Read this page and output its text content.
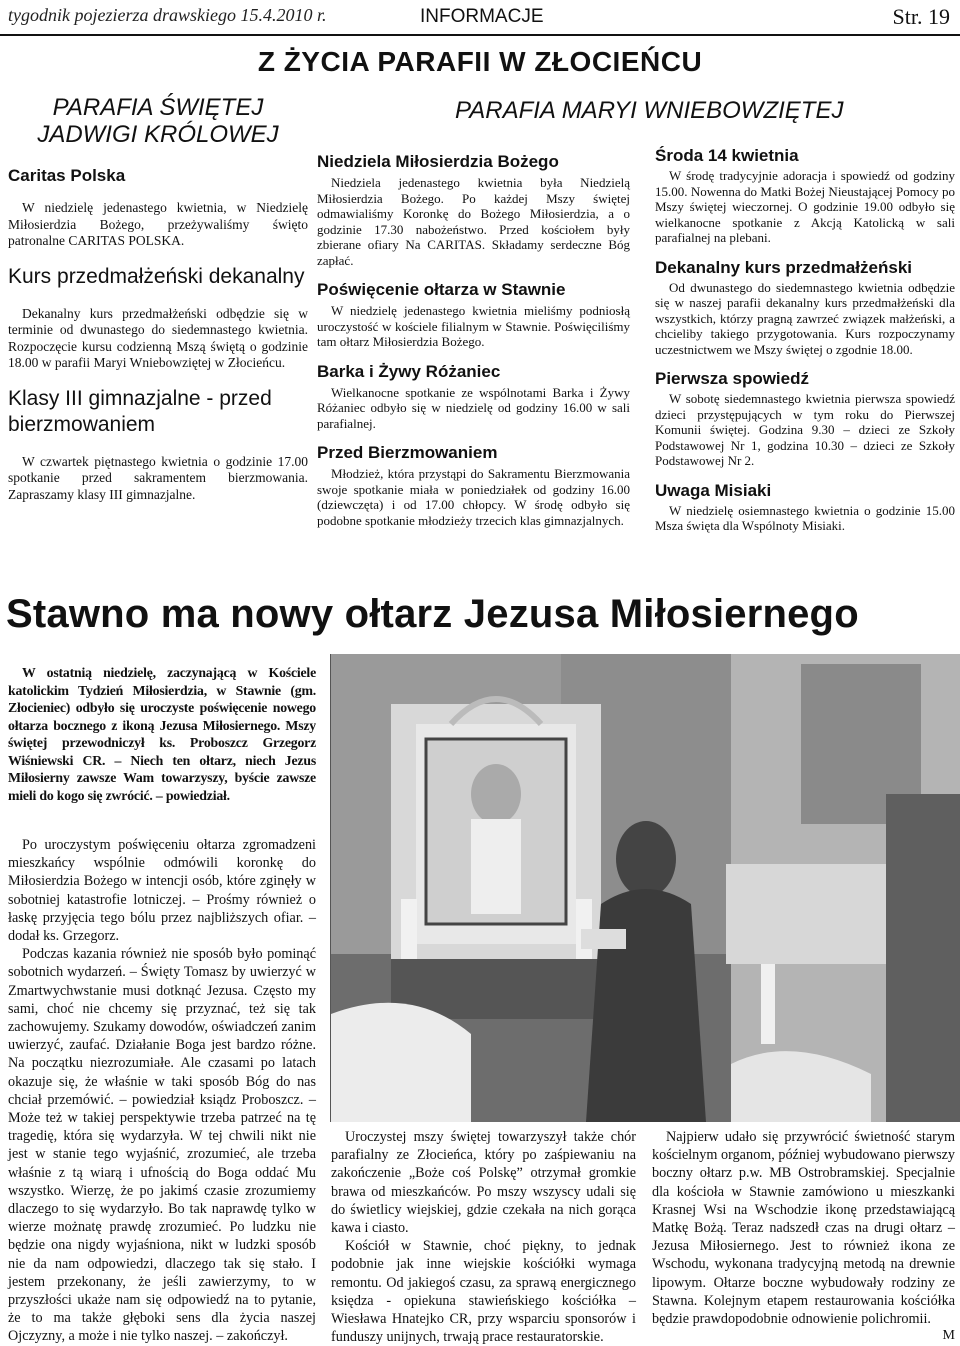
tygodnik pojezierza drawskiego 15.4.2010 r.	INFORMACJE	Str. 19
Z ŻYCIA PARAFII W ZŁOCIEŃCU
PARAFIA ŚWIĘTEJ JADWIGI KRÓLOWEJ
Caritas Polska

W niedzielę jedenastego kwietnia, w Niedzielę Miłosierdzia Bożego, przeżywaliśmy święto patronalne CARITAS POLSKA.

Kurs przedmałżeński dekanalny

Dekanalny kurs przedmałżeński odbędzie się w terminie od dwunastego do siedemnastego kwietnia. Rozpoczęcie kursu codzienną Mszą świętą o godzinie 18.00 w parafii Maryi Wniebowziętej w Złocieńcu.

Klasy III gimnazjalne - przed bierzmowaniem

W czwartek piętnastego kwietnia o godzinie 17.00 spotkanie przed sakramentem bierzmowania. Zapraszamy klasy III gimnazjalne.

PARAFIA MARYI WNIEBOWZIĘTEJ
Niedziela Miłosierdzia Bożego

Niedziela jedenastego kwietnia była Niedzielą Miłosierdzia Bożego. Po każdej Mszy świętej odmawialiśmy Koronkę do Bożego Miłosierdzia, a o godzinie 17.30 nabożeństwo. Przed kościołem były zbierane ofiary Na CARITAS. Składamy serdeczne Bóg zapłać.

Poświęcenie ołtarza w Stawnie

W niedzielę jedenastego kwietnia mieliśmy podniosłą uroczystość w kościele filialnym w Stawnie. Poświęciliśmy tam ołtarz Miłosierdzia Bożego.

Barka i Żywy Różaniec

Wielkanocne spotkanie ze wspólnotami Barka i Żywy Różaniec odbyło się w niedzielę od godziny 16.00 w sali parafialnej.

Przed Bierzmowaniem

Młodzież, która przystąpi do Sakramentu Bierzmowania swoje spotkanie miała w poniedziałek od godziny 16.00 (dziewczęta) i od 17.00 chłopcy. W środę odbyło się podobne spotkanie młodzieży trzecich klas gimnazjalnych.

Środa 14 kwietnia

W środę tradycyjnie adoracja i spowiedź od godziny 15.00. Nowenna do Matki Bożej Nieustającej Pomocy po Mszy świętej wieczornej. O godzinie 19.00 odbyło się wielkanocne spotkanie z Akcją Katolicką w sali parafialnej na plebani.

Dekanalny kurs przedmałżeński

Od dwunastego do siedemnastego kwietnia odbędzie się w naszej parafii dekanalny kurs przedmałżeński dla wszystkich, którzy pragną zawrzeć związek małżeński, a chcieliby takiego przygotowania. Kurs rozpoczynamy uczestnictwem we Mszy świętej o zgodnie 18.00.

Pierwsza spowiedź

W sobotę siedemnastego kwietnia pierwsza spowiedź dzieci przystępujących w tym roku do Pierwszej Komunii świętej. Godzina 9.30 – dzieci ze Szkoły Podstawowej Nr 1, godzina 10.30 – dzieci ze Szkoły Podstawowej Nr 2.

Uwaga Misiaki

W niedzielę osiemnastego kwietnia o godzinie 15.00 Msza święta dla Wspólnoty Misiaki.

Stawno ma nowy ołtarz Jezusa Miłosiernego

W ostatnią niedzielę, zaczynającą w Kościele katolickim Tydzień Miłosierdzia, w Stawnie (gm. Złocieniec) odbyło się uroczyste poświęcenie nowego ołtarza bocznego z ikoną Jezusa Miłosiernego. Mszy świętej przewodniczył ks. Proboszcz Grzegorz Wiśniewski CR. – Niech ten ołtarz, niech Jezus Miłosierny zawsze Wam towarzyszy, byście zawsze mieli do kogo się zwrócić. – powiedział.

Po uroczystym poświęceniu ołtarza zgromadzeni mieszkańcy wspólnie odmówili koronkę do Miłosierdzia Bożego w intencji osób, które zginęły w sobotniej katastrofie lotniczej. – Prośmy również o łaskę przyjęcia tego bólu przez najbliższych ofiar. – dodał ks. Grzegorz.

Podczas kazania również nie sposób było pominąć sobotnich wydarzeń. – Święty Tomasz by uwierzyć w Zmartwychwstanie musi dotknąć Jezusa. Często my sami, choć nie chcemy się przyznać, też się tak zachowujemy. Szukamy dowodów, oświadczeń zanim uwierzyć, zaufać. Działanie Boga jest bardzo różne. Na początku niezrozumiałe. Ale czasami po latach okazuje się, że właśnie w taki sposób Bóg do nas chciał przemówić. – powiedział ksiądz Proboszcz. – Może też w takiej perspektywie trzeba patrzeć na tę tragedię, która się wydarzyła. W tej chwili nikt nie jest w stanie tego wyjaśnić, zrozumieć, ale trzeba właśnie z tą wiarą i ufnością do Boga oddać Mu wszystko. Wierzę, że po jakimś czasie zrozumiemy dlaczego to się wydarzyło. Bo tak naprawdę tylko w wierze możnatę prawdę zrozumieć. Po ludzku nie będzie ona nigdy wyjaśniona, nikt w ludzki sposób nie da nam odpowiedzi, dlaczego tak się stało. I jestem przekonany, że jeśli zawierzymy, to w przyszłości ukaże nam się odpowiedź na to pytanie, że to ma także głęboki sens dla życia naszej Ojczyzny, a może i nie tylko naszej. – zakończył.

Uroczystej mszy świętej towarzyszył także chór parafialny ze Złocieńca, który po zaśpiewaniu na zakończenie „Boże coś Polskę” otrzymał gromkie brawa od mieszkańców. Po mszy wszyscy udali się do świetlicy wiejskiej, gdzie czekała na nich gorąca kawa i ciasto.

Kościół w Stawnie, choć piękny, to jednak podobnie jak inne wiejskie kościółki wymaga remontu. Od jakiegoś czasu, za sprawą energicznego księdza - opiekuna stawieńskiego kościółka – Wiesława Hnatejko CR, przy wsparciu sponsorów i funduszy unijnych, trwają prace restauratorskie.

Najpierw udało się przywrócić świetność starym kościelnym organom, później wybudowano pierwszy boczny ołtarz p.w. MB Ostrobramskiej. Specjalnie dla kościoła w Stawnie zamówiono u mieszkanki Krasnej Wsi na Wschodzie ikonę przedstawiającą Matkę Bożą. Teraz nadszedł czas na drugi ołtarz – Jezusa Miłosiernego. Jest to również ikona ze Wschodu, wykonana tradycyjną metodą na drewnie lipowym. Ołtarze boczne wybudowały rodziny ze Stawna. Kolejnym etapem restaurowania kościółka będzie prawdopodobnie odnowienie polichromii.

M
